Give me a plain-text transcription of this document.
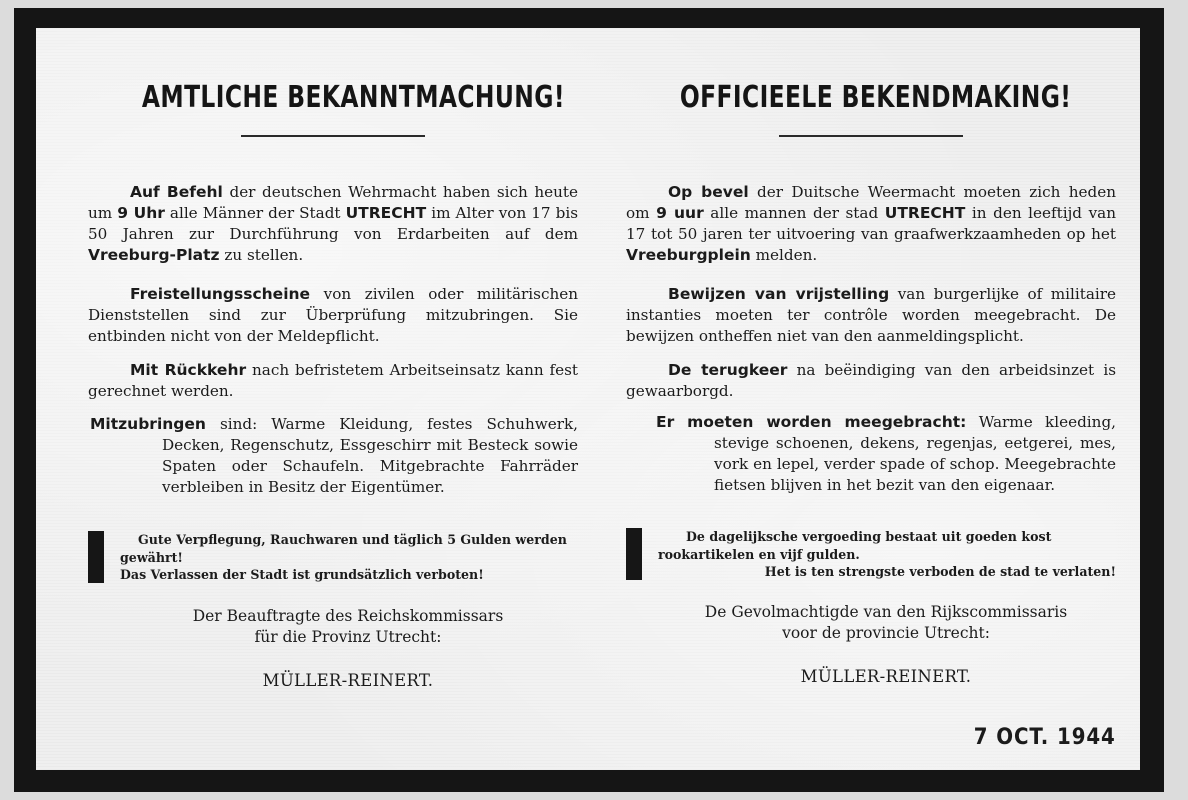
AMTLICHE BEKANNTMACHUNG!

Auf Befehl der deutschen Wehrmacht haben sich heute um 9 Uhr alle Männer der Stadt UTRECHT im Alter von 17 bis 50 Jahren zur Durchführung von Erdarbeiten auf dem Vreeburg-Platz zu stellen.

Freistellungsscheine von zivilen oder militärischen Dienststellen sind zur Überprüfung mitzubringen. Sie entbinden nicht von der Meldepflicht.

Mit Rückkehr nach befristetem Arbeitseinsatz kann fest gerechnet werden.

Mitzubringen sind: Warme Kleidung, festes Schuhwerk, Decken, Regenschutz, Essgeschirr mit Besteck sowie Spaten oder Schaufeln. Mitgebrachte Fahrräder verbleiben in Besitz der Eigentümer.

Gute Verpflegung, Rauchwaren und täglich 5 Gulden werden gewährt!

Das Verlassen der Stadt ist grundsätzlich verboten!

Der Beauftragte des Reichskommissars
für die Provinz Utrecht:
MÜLLER-REINERT.
OFFICIEELE BEKENDMAKING!

Op bevel der Duitsche Weermacht moeten zich heden om 9 uur alle mannen der stad UTRECHT in den leeftijd van 17 tot 50 jaren ter uitvoering van graafwerkzaamheden op het Vreeburgplein melden.

Bewijzen van vrijstelling van burgerlijke of militaire instanties moeten ter contrôle worden meegebracht. De bewijzen ontheffen niet van den aanmeldingsplicht.

De terugkeer na beëindiging van den arbeidsinzet is gewaarborgd.

Er moeten worden meegebracht: Warme kleeding, stevige schoenen, dekens, regenjas, eetgerei, mes, vork en lepel, verder spade of schop. Meegebrachte fietsen blijven in het bezit van den eigenaar.

De dagelijksche vergoeding bestaat uit goeden kost rookartikelen en vijf gulden.

Het is ten strengste verboden de stad te verlaten!

De Gevolmachtigde van den Rijkscommissaris
voor de provincie Utrecht:
MÜLLER-REINERT.
7 OCT. 1944
